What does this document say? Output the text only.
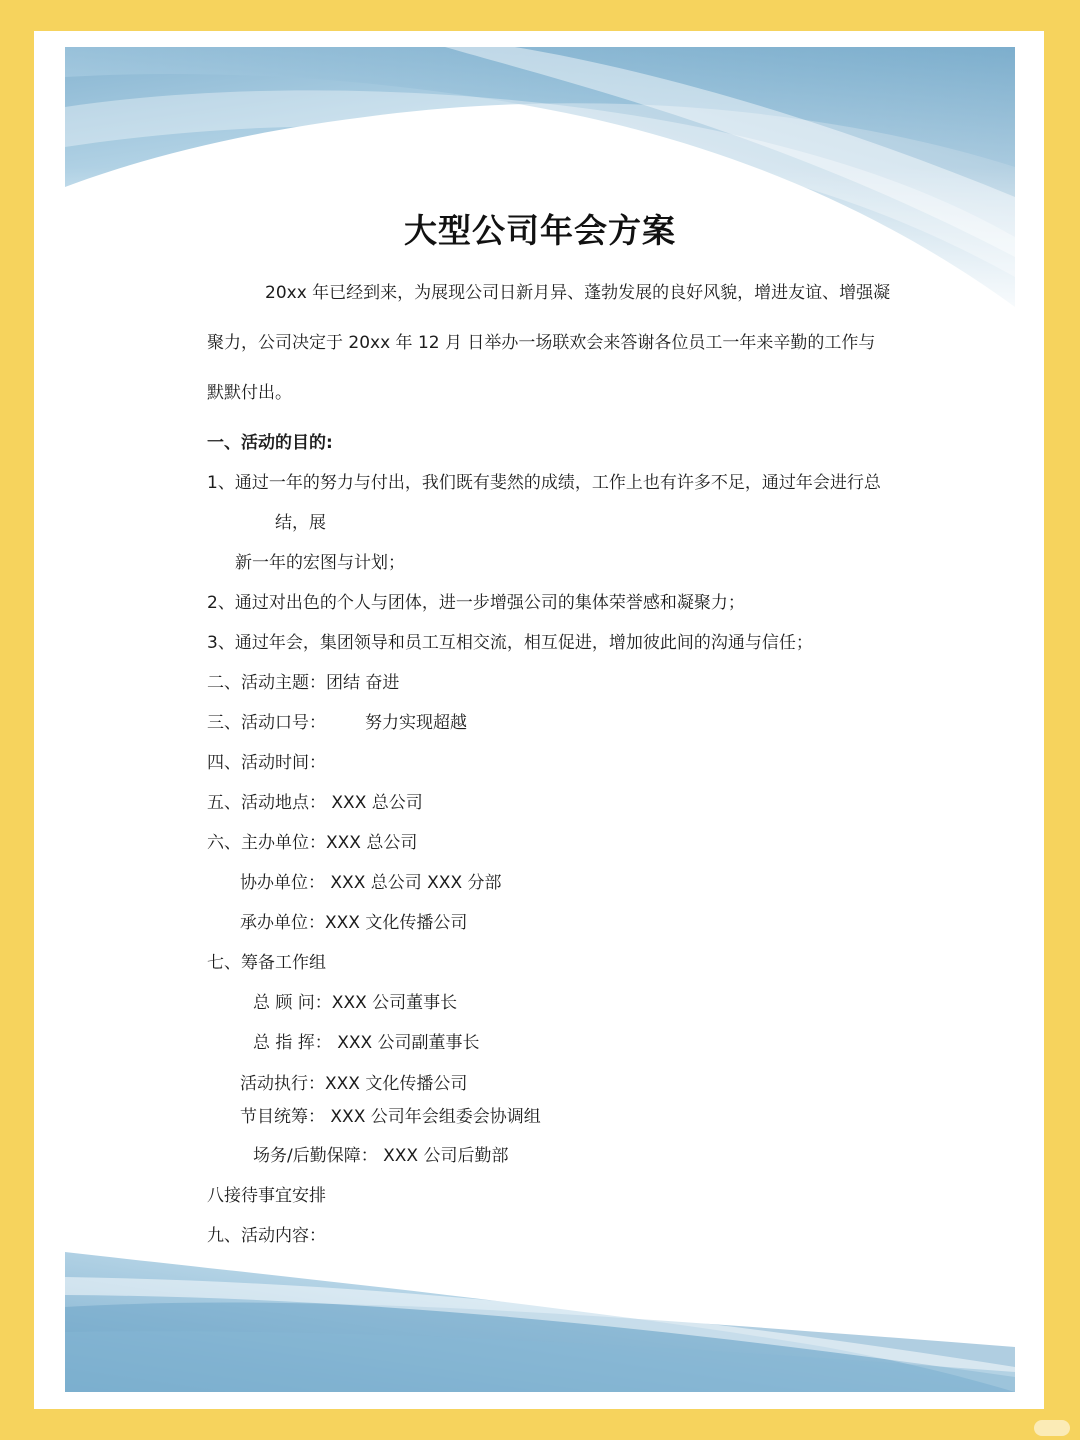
大型公司年会方案
20xx 年已经到来，为展现公司日新月异、蓬勃发展的良好风貌，增进友谊、增强凝
聚力，公司决定于 20xx 年 12 月 日举办一场联欢会来答谢各位员工一年来辛勤的工作与
默默付出。
一、活动的目的:
1、通过一年的努力与付出，我们既有斐然的成绩，工作上也有许多不足，通过年会进行总
结，展
新一年的宏图与计划；
2、通过对出色的个人与团体，进一步增强公司的集体荣誉感和凝聚力；
3、通过年会，集团领导和员工互相交流，相互促进，增加彼此间的沟通与信任；
二、活动主题：团结 奋进
三、活动口号： 努力实现超越
四、活动时间：
五、活动地点： XXX 总公司
六、主办单位：XXX 总公司
协办单位： XXX 总公司 XXX 分部
承办单位：XXX 文化传播公司
七、筹备工作组
总 顾 问：XXX 公司董事长
总 指 挥： XXX 公司副董事长
活动执行：XXX 文化传播公司
节目统筹： XXX 公司年会组委会协调组
场务/后勤保障： XXX 公司后勤部
八接待事宜安排
九、活动内容：
